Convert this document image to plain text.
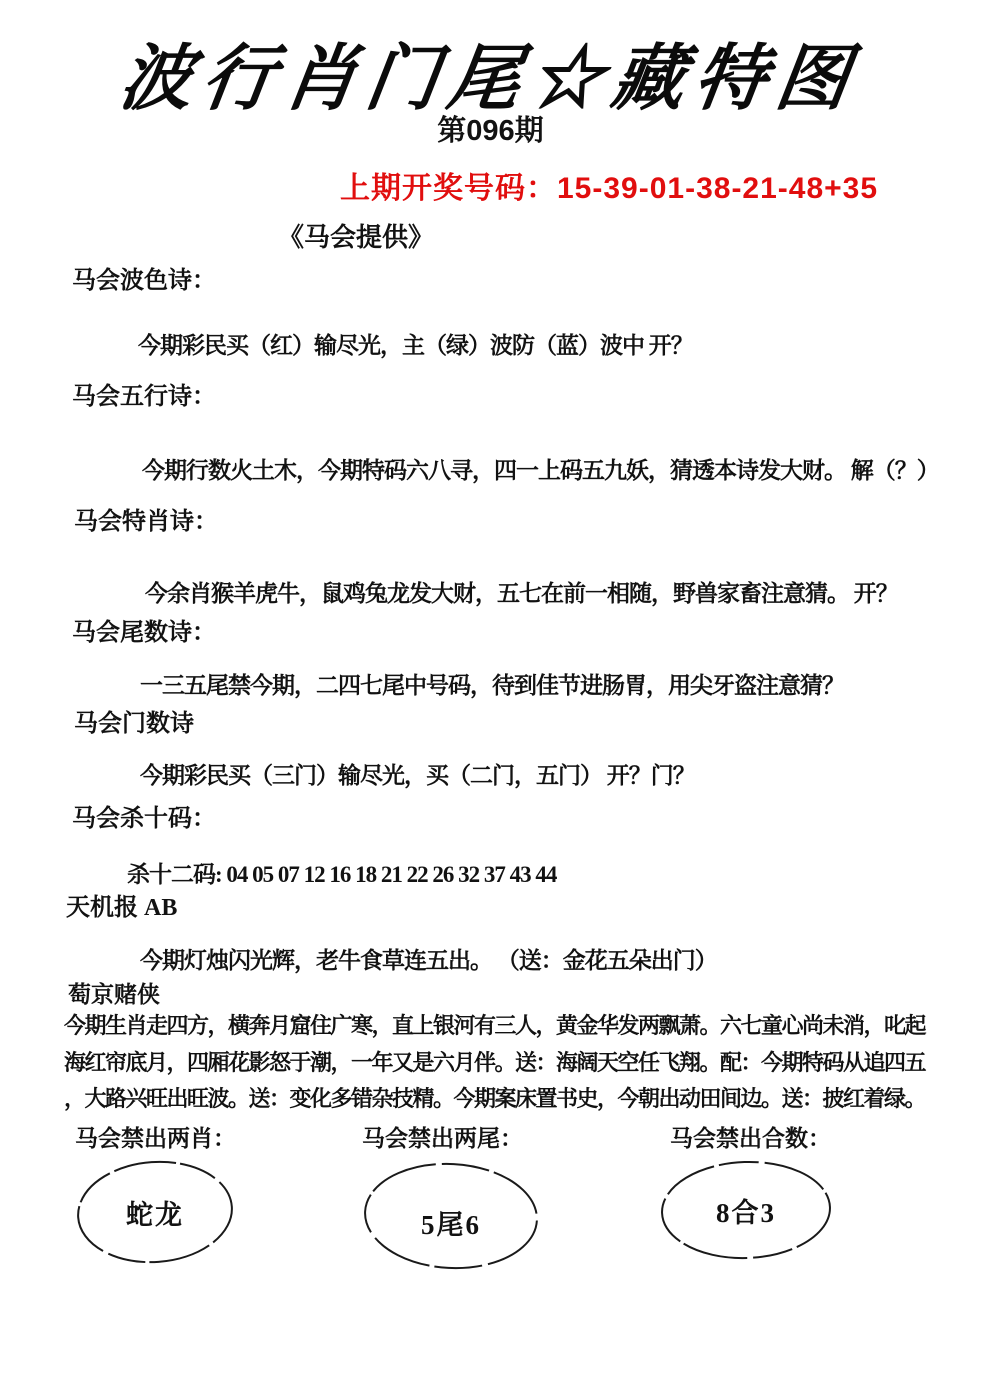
波行肖门尾☆藏特图
第096期
上期开奖号码：15-39-01-38-21-48+35
《马会提供》
马会波色诗：
今期彩民买（红）输尽光，主（绿）波防（蓝）波中 开？
马会五行诗：
今期行数火土木，今期特码六八寻，四一上码五九妖，猜透本诗发大财。 解（？）
马会特肖诗：
今余肖猴羊虎牛，鼠鸡兔龙发大财，五七在前一相随，野兽家畜注意猜。 开？
马会尾数诗：
一三五尾禁今期，二四七尾中号码，待到佳节进肠胃，用尖牙盗注意猜？
马会门数诗
今期彩民买（三门）输尽光，买（二门，五门） 开？门？
马会杀十码：
杀十二码: 04 05 07 12 16 18 21 22 26 32 37 43 44
天机报 AB
今期灯烛闪光辉，老牛食草连五出。 （送：金花五朵出门）
萄京赌侠
今期生肖走四方，横奔月窟住广寒，直上银河有三人，黄金华发两飘萧。六七童心尚未消，叱起
海红帘底月，四厢花影怒于潮，一年又是六月伴。送：海阔天空任飞翔。配：今期特码从追四五
，大路兴旺出旺波。送：变化多错杂技精。今期案床置书史，今朝出动田间边。送：披红着绿。
马会禁出两肖：	马会禁出两尾：	马会禁出合数：
蛇龙	5尾6	8合3
